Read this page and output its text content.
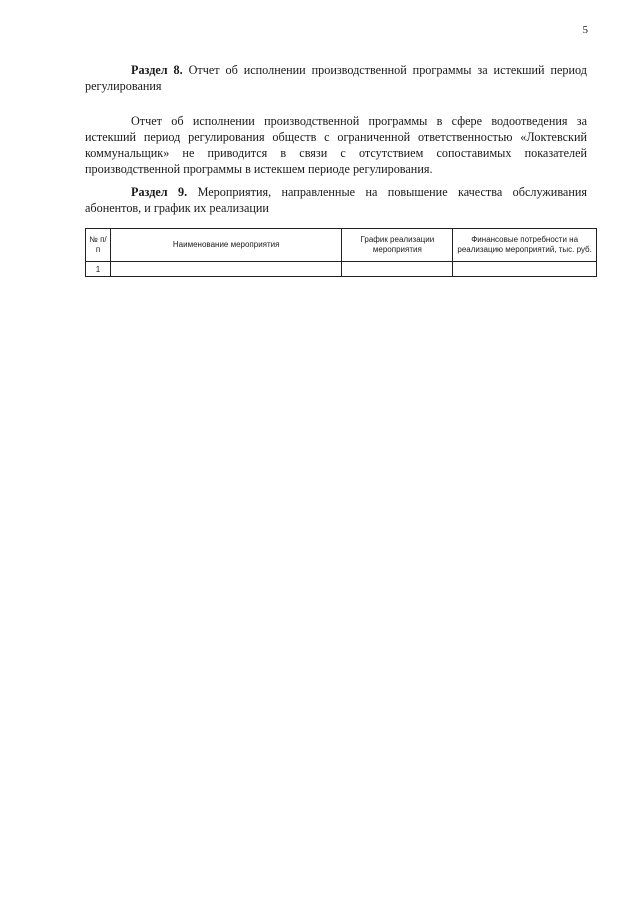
5

Раздел 8. Отчет об исполнении производственной программы за истекший период регулирования

Отчет об исполнении производственной программы в сфере водоотведения за истекший период регулирования обществ с ограниченной ответственностью «Локтевский коммунальщик» не приводится в связи с отсутствием сопоставимых показателей производственной программы в истекшем периоде регулирования.

Раздел 9. Мероприятия, направленные на повышение качества обслуживания абонентов, и график их реализации

№ п/п	Наименование мероприятия	График реализации мероприятия	Финансовые потребности на реализацию мероприятий, тыс. руб.
1			
